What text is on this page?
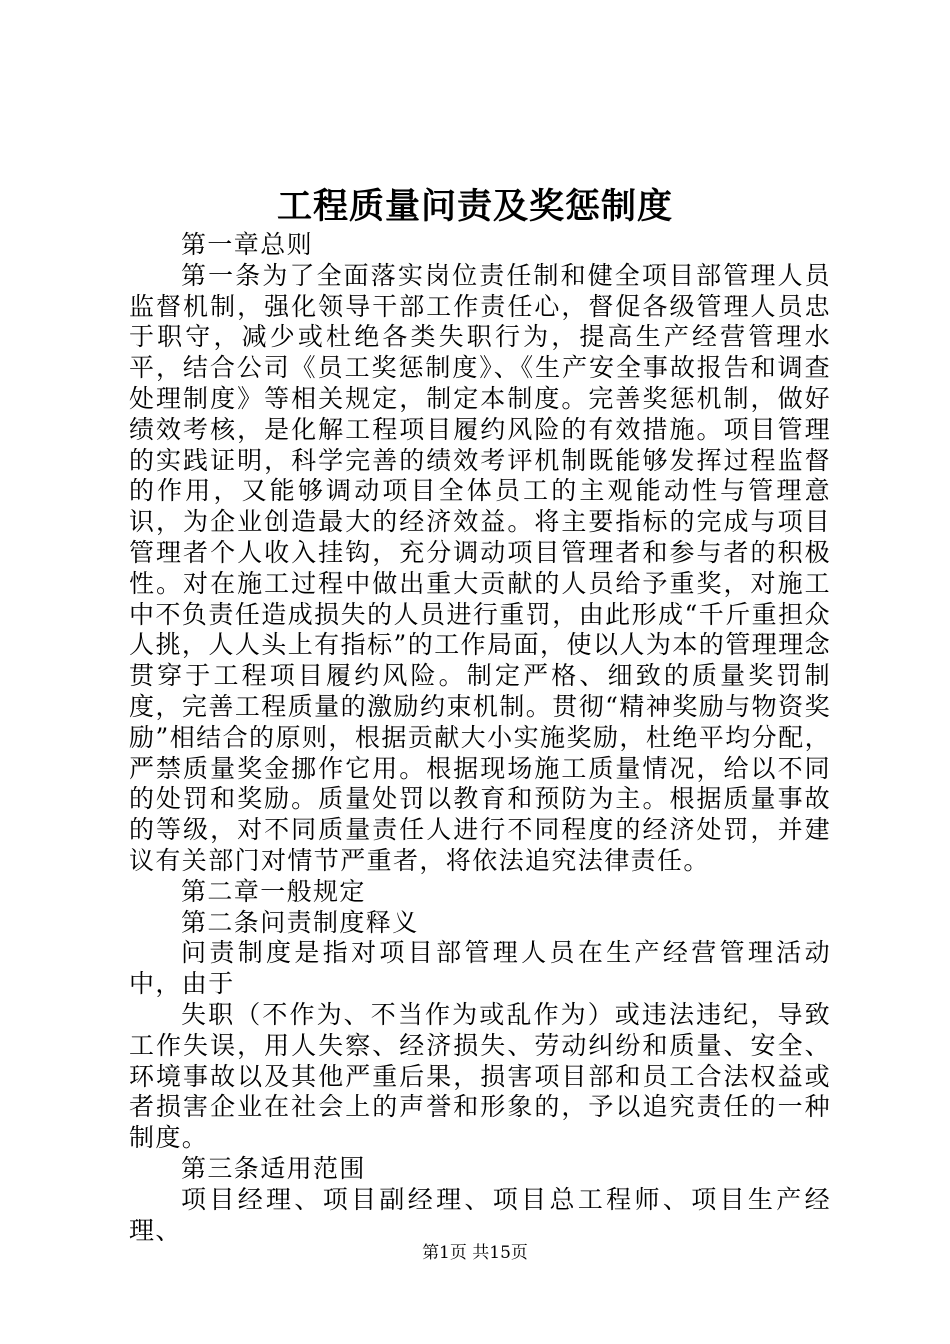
工程质量问责及奖惩制度

第一章总则

第一条为了全面落实岗位责任制和健全项目部管理人员监督机制，强化领导干部工作责任心，督促各级管理人员忠于职守，减少或杜绝各类失职行为，提高生产经营管理水平，结合公司《员工奖惩制度》、《生产安全事故报告和调查处理制度》等相关规定，制定本制度。完善奖惩机制，做好绩效考核，是化解工程项目履约风险的有效措施。项目管理的实践证明，科学完善的绩效考评机制既能够发挥过程监督的作用，又能够调动项目全体员工的主观能动性与管理意识，为企业创造最大的经济效益。将主要指标的完成与项目管理者个人收入挂钩，充分调动项目管理者和参与者的积极性。对在施工过程中做出重大贡献的人员给予重奖，对施工中不负责任造成损失的人员进行重罚，由此形成“千斤重担众人挑，人人头上有指标”的工作局面，使以人为本的管理理念贯穿于工程项目履约风险。制定严格、细致的质量奖罚制度，完善工程质量的激励约束机制。贯彻“精神奖励与物资奖励”相结合的原则，根据贡献大小实施奖励，杜绝平均分配，严禁质量奖金挪作它用。根据现场施工质量情况，给以不同的处罚和奖励。质量处罚以教育和预防为主。根据质量事故的等级，对不同质量责任人进行不同程度的经济处罚，并建议有关部门对情节严重者，将依法追究法律责任。

第二章一般规定

第二条问责制度释义

问责制度是指对项目部管理人员在生产经营管理活动中，由于

失职（不作为、不当作为或乱作为）或违法违纪，导致工作失误，用人失察、经济损失、劳动纠纷和质量、安全、环境事故以及其他严重后果，损害项目部和员工合法权益或者损害企业在社会上的声誉和形象的，予以追究责任的一种制度。

第三条适用范围

项目经理、项目副经理、项目总工程师、项目生产经理、

第1页 共15页
